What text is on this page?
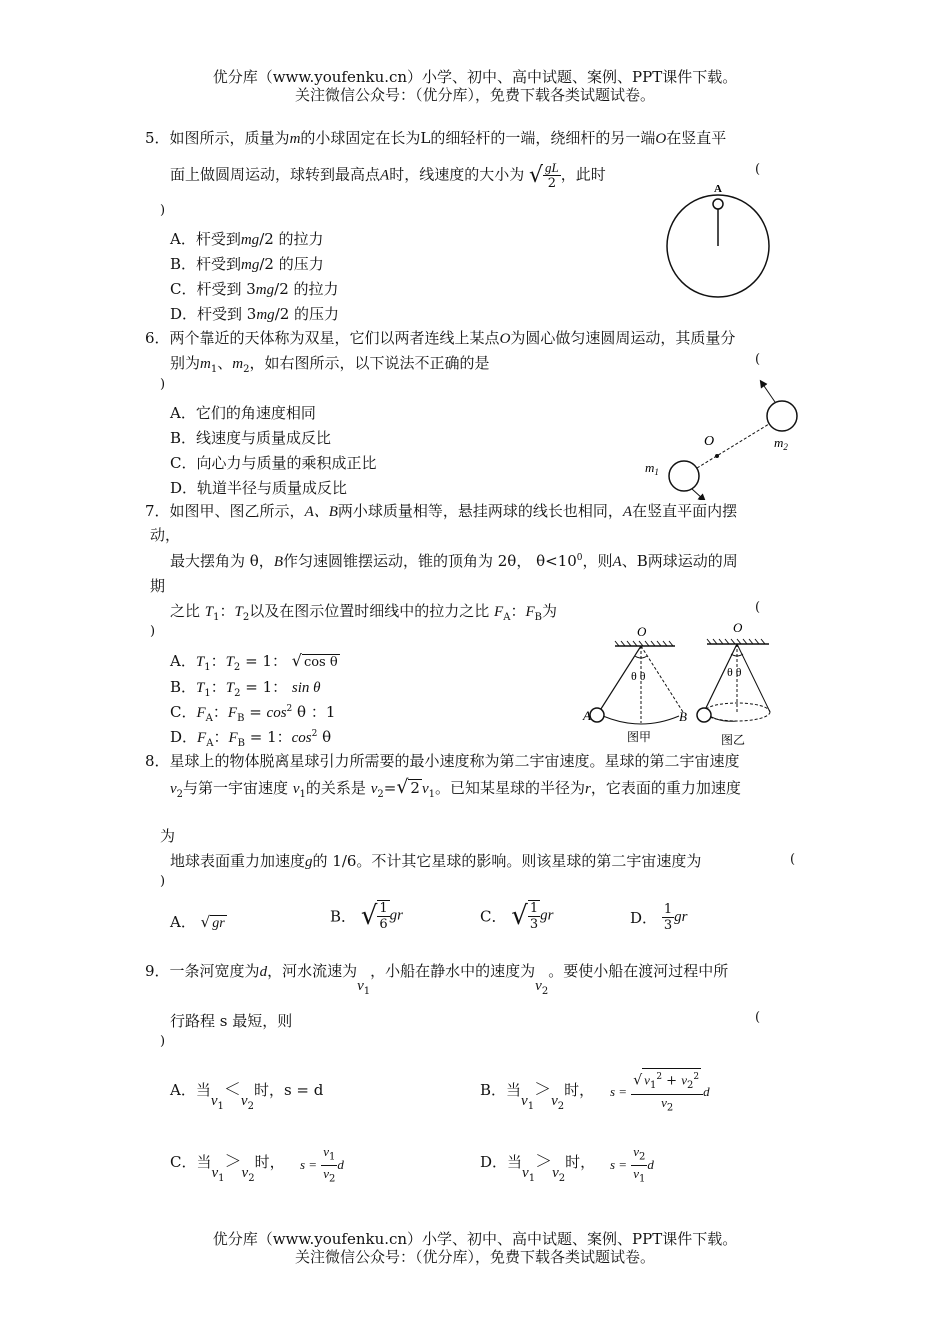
优分库（www.youfenku.cn）小学、初中、高中试题、案例、PPT课件下载。
关注微信公众号：（优分库），免费下载各类试题试卷。
5．如图所示，质量为m的小球固定在长为L的细轻杆的一端，绕细杆的另一端O在竖直平
面上做圆周运动，球转到最高点A时，线速度的大小为 √ $\frac{gL}{2}$ ，此时	(
)
A．杆受到mg/2 的拉力
B．杆受到mg/2 的压力
C．杆受到 3mg/2 的拉力
D．杆受到 3mg/2 的压力
A
6．两个靠近的天体称为双星，它们以两者连线上某点O为圆心做匀速圆周运动，其质量分
别为$m_1$、$m_2$，如右图所示，以下说法不正确的是	(
)
A．它们的角速度相同
B．线速度与质量成反比
C．向心力与质量的乘积成正比
D．轨道半径与质量成反比
O	$m_2$
$m_1$
7．如图甲、图乙所示，A、B两小球质量相等，悬挂两球的线长也相同，A在竖直平面内摆
动，
最大摆角为 θ，B作匀速圆锥摆运动，锥的顶角为 2θ， $\theta<10^0$，则A、B两球运动的周
期
之比 $T_1$：$T_2$以及在图示位置时细线中的拉力之比 $F_A$：$F_B$为	(
)
A．$T_1$：$T_2 = 1$： √ cos θ
B．$T_1$：$T_2 = 1$： sin θ
C．$F_A$：$F_B = \cos^2 \theta$ ：1
D．$F_A$：$F_B = 1$：$\cos^2 \theta$
O
θ θ
A
图甲
O
θ θ
B
图乙
8．星球上的物体脱离星球引力所需要的最小速度称为第二宇宙速度。星球的第二宇宙速度
$v_2$与第一宇宙速度 $v_1$的关系是 $v_2=√$ 2 $v_1$。已知某星球的半径为r，它表面的重力加速度
为
地球表面重力加速度g的 1/6。不计其它星球的影响。则该星球的第二宇宙速度为	(
)
A． √ gr	B． √ $\frac{1}{6}$ gr	C． √ $\frac{1}{3}$ gr	D． $\frac{1}{3}$ gr
9．一条河宽度为d，河水流速为$v_1$，小船在静水中的速度为$v_2$。要使小船在渡河过程中所
行路程 s 最短，则	(
)
A．当$v_1<v_2$时，s = d	B．当$v_1>v_2$时， $s = \frac{√ v_1^2 + v_2^2}{v_2}$ d
C．当$v_1>v_2$时， $s = \frac{v_1}{v_2}$ d	D．当$v_1>v_2$时， $s = \frac{v_2}{v_1}$ d
优分库（www.youfenku.cn）小学、初中、高中试题、案例、PPT课件下载。
关注微信公众号：（优分库），免费下载各类试题试卷。
